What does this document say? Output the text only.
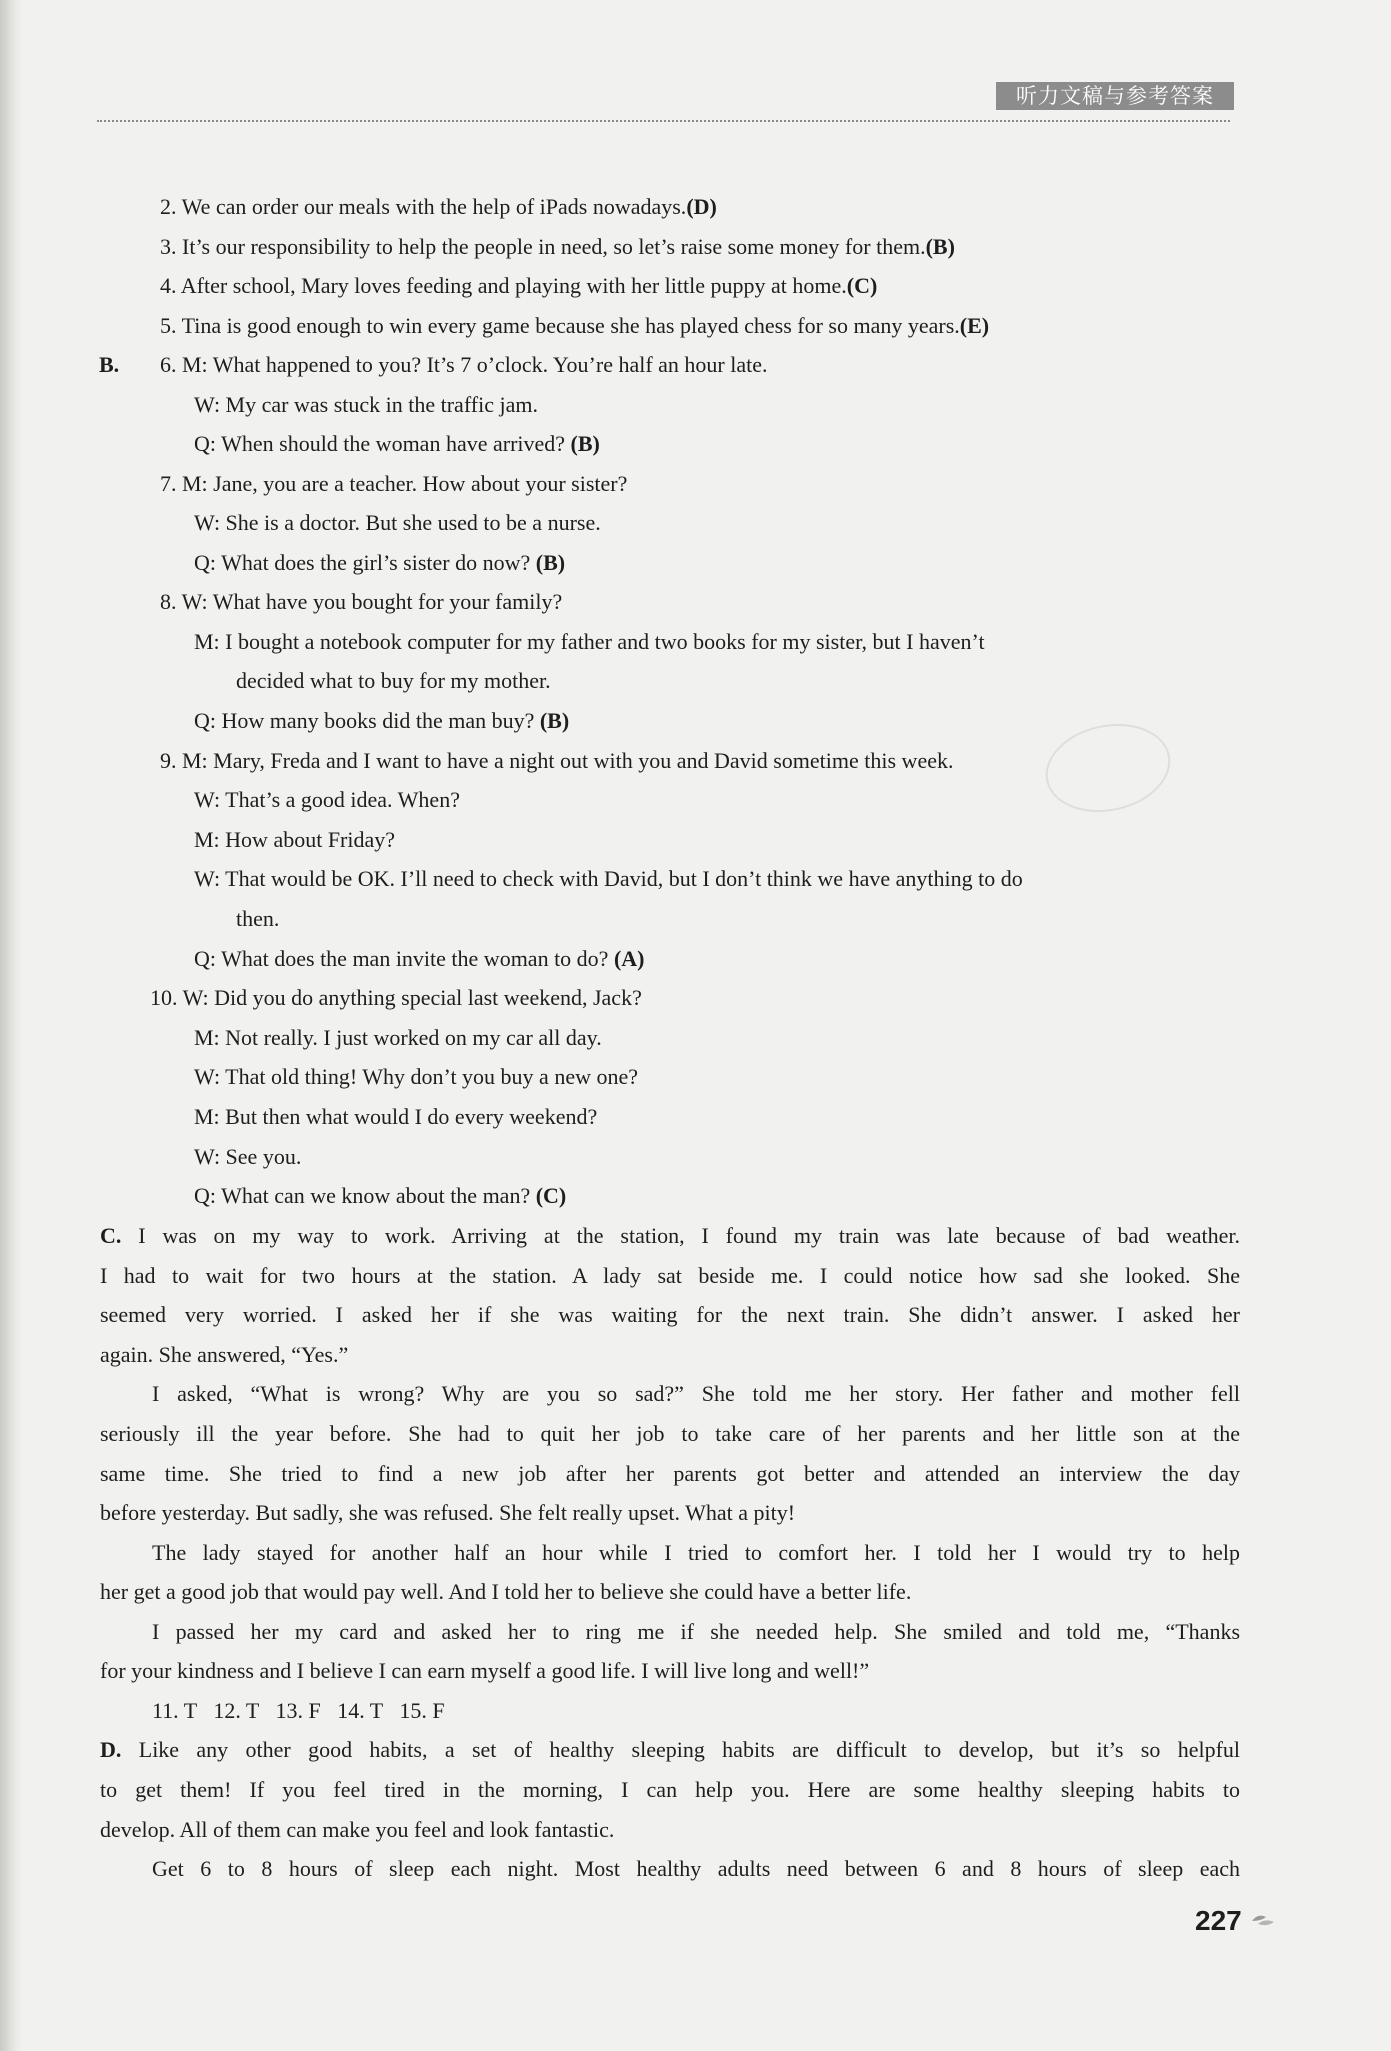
听力文稿与参考答案
2. We can order our meals with the help of iPads nowadays.(D)
3. It’s our responsibility to help the people in need, so let’s raise some money for them.(B)
4. After school, Mary loves feeding and playing with her little puppy at home.(C)
5. Tina is good enough to win every game because she has played chess for so many years.(E)
B. 6. M: What happened to you? It’s 7 o’clock. You’re half an hour late.
W: My car was stuck in the traffic jam.
Q: When should the woman have arrived? (B)
7. M: Jane, you are a teacher. How about your sister?
W: She is a doctor. But she used to be a nurse.
Q: What does the girl’s sister do now? (B)
8. W: What have you bought for your family?
M: I bought a notebook computer for my father and two books for my sister, but I haven’t
decided what to buy for my mother.
Q: How many books did the man buy? (B)
9. M: Mary, Freda and I want to have a night out with you and David sometime this week.
W: That’s a good idea. When?
M: How about Friday?
W: That would be OK. I’ll need to check with David, but I don’t think we have anything to do
then.
Q: What does the man invite the woman to do? (A)
10. W: Did you do anything special last weekend, Jack?
M: Not really. I just worked on my car all day.
W: That old thing! Why don’t you buy a new one?
M: But then what would I do every weekend?
W: See you.
Q: What can we know about the man? (C)
C. I was on my way to work. Arriving at the station, I found my train was late because of bad weather.
I had to wait for two hours at the station. A lady sat beside me. I could notice how sad she looked. She
seemed very worried. I asked her if she was waiting for the next train. She didn’t answer. I asked her
again. She answered, “Yes.”
I asked, “What is wrong? Why are you so sad?” She told me her story. Her father and mother fell
seriously ill the year before. She had to quit her job to take care of her parents and her little son at the
same time. She tried to find a new job after her parents got better and attended an interview the day
before yesterday. But sadly, she was refused. She felt really upset. What a pity!
The lady stayed for another half an hour while I tried to comfort her. I told her I would try to help
her get a good job that would pay well. And I told her to believe she could have a better life.
I passed her my card and asked her to ring me if she needed help. She smiled and told me, “Thanks
for your kindness and I believe I can earn myself a good life. I will live long and well!”
11. T   12. T   13. F   14. T   15. F
D. Like any other good habits, a set of healthy sleeping habits are difficult to develop, but it’s so helpful
to get them! If you feel tired in the morning, I can help you. Here are some healthy sleeping habits to
develop. All of them can make you feel and look fantastic.
Get 6 to 8 hours of sleep each night. Most healthy adults need between 6 and 8 hours of sleep each
227
